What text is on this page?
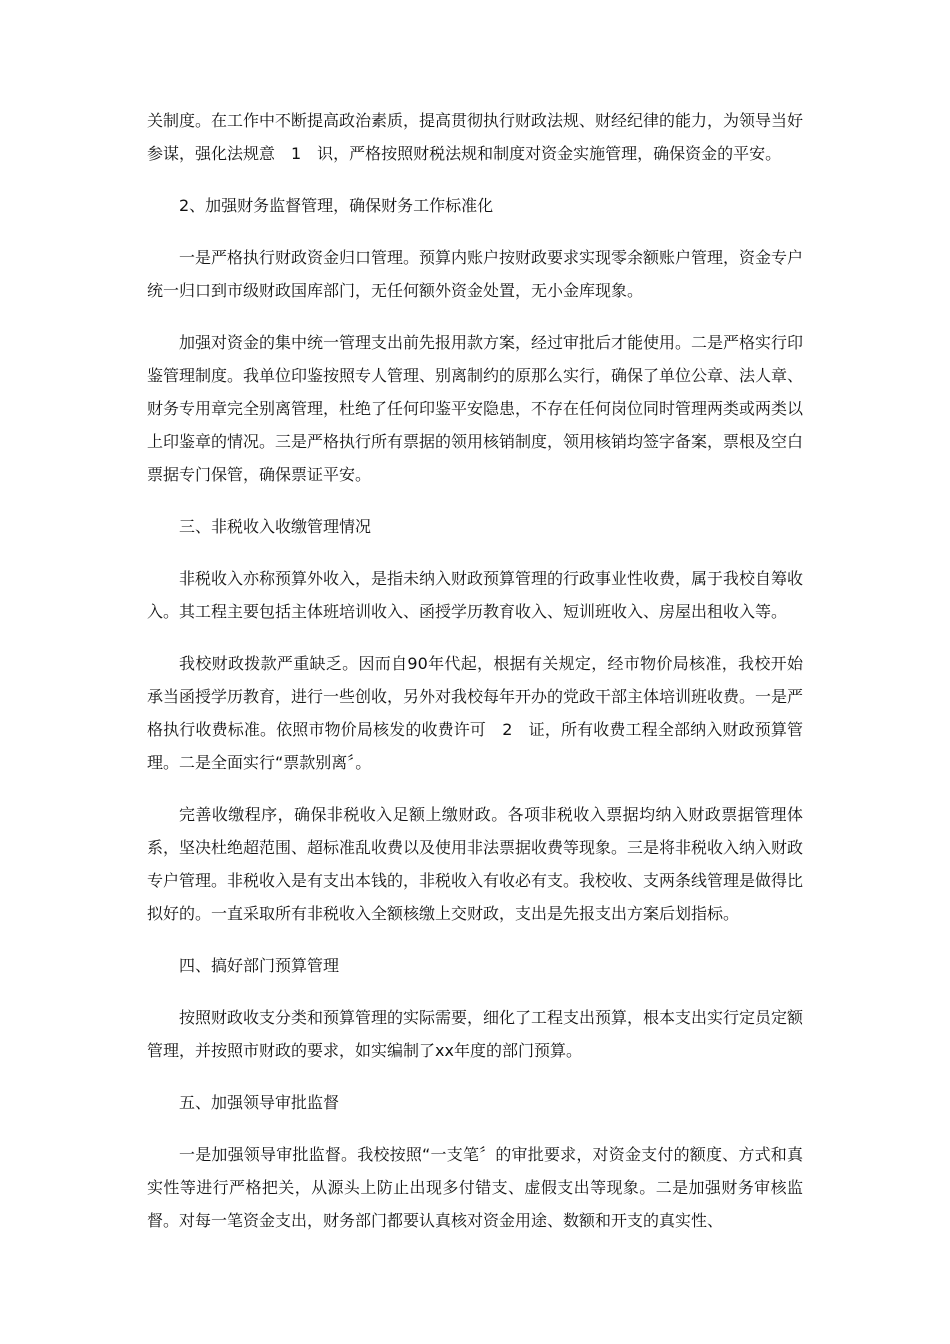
关制度。在工作中不断提高政治素质，提高贯彻执行财政法规、财经纪律的能力，为领导当好参谋，强化法规意　1　识，严格按照财税法规和制度对资金实施管理，确保资金的平安。

2、加强财务监督管理，确保财务工作标准化

一是严格执行财政资金归口管理。预算内账户按财政要求实现零余额账户管理，资金专户统一归口到市级财政国库部门，无任何额外资金处置，无小金库现象。

加强对资金的集中统一管理支出前先报用款方案，经过审批后才能使用。二是严格实行印鉴管理制度。我单位印鉴按照专人管理、别离制约的原那么实行，确保了单位公章、法人章、财务专用章完全别离管理，杜绝了任何印鉴平安隐患，不存在任何岗位同时管理两类或两类以上印鉴章的情况。三是严格执行所有票据的领用核销制度，领用核销均签字备案，票根及空白票据专门保管，确保票证平安。

三、非税收入收缴管理情况

非税收入亦称预算外收入，是指未纳入财政预算管理的行政事业性收费，属于我校自筹收入。其工程主要包括主体班培训收入、函授学历教育收入、短训班收入、房屋出租收入等。

我校财政拨款严重缺乏。因而自90年代起，根据有关规定，经市物价局核准，我校开始承当函授学历教育，进行一些创收，另外对我校每年开办的党政干部主体培训班收费。一是严格执行收费标准。依照市物价局核发的收费许可　2　证，所有收费工程全部纳入财政预算管理。二是全面实行“票款别离〞。

完善收缴程序，确保非税收入足额上缴财政。各项非税收入票据均纳入财政票据管理体系，坚决杜绝超范围、超标准乱收费以及使用非法票据收费等现象。三是将非税收入纳入财政专户管理。非税收入是有支出本钱的，非税收入有收必有支。我校收、支两条线管理是做得比拟好的。一直采取所有非税收入全额核缴上交财政，支出是先报支出方案后划指标。

四、搞好部门预算管理

按照财政收支分类和预算管理的实际需要，细化了工程支出预算，根本支出实行定员定额管理，并按照市财政的要求，如实编制了xx年度的部门预算。

五、加强领导审批监督

一是加强领导审批监督。我校按照“一支笔〞的审批要求，对资金支付的额度、方式和真实性等进行严格把关，从源头上防止出现多付错支、虚假支出等现象。二是加强财务审核监督。对每一笔资金支出，财务部门都要认真核对资金用途、数额和开支的真实性、
